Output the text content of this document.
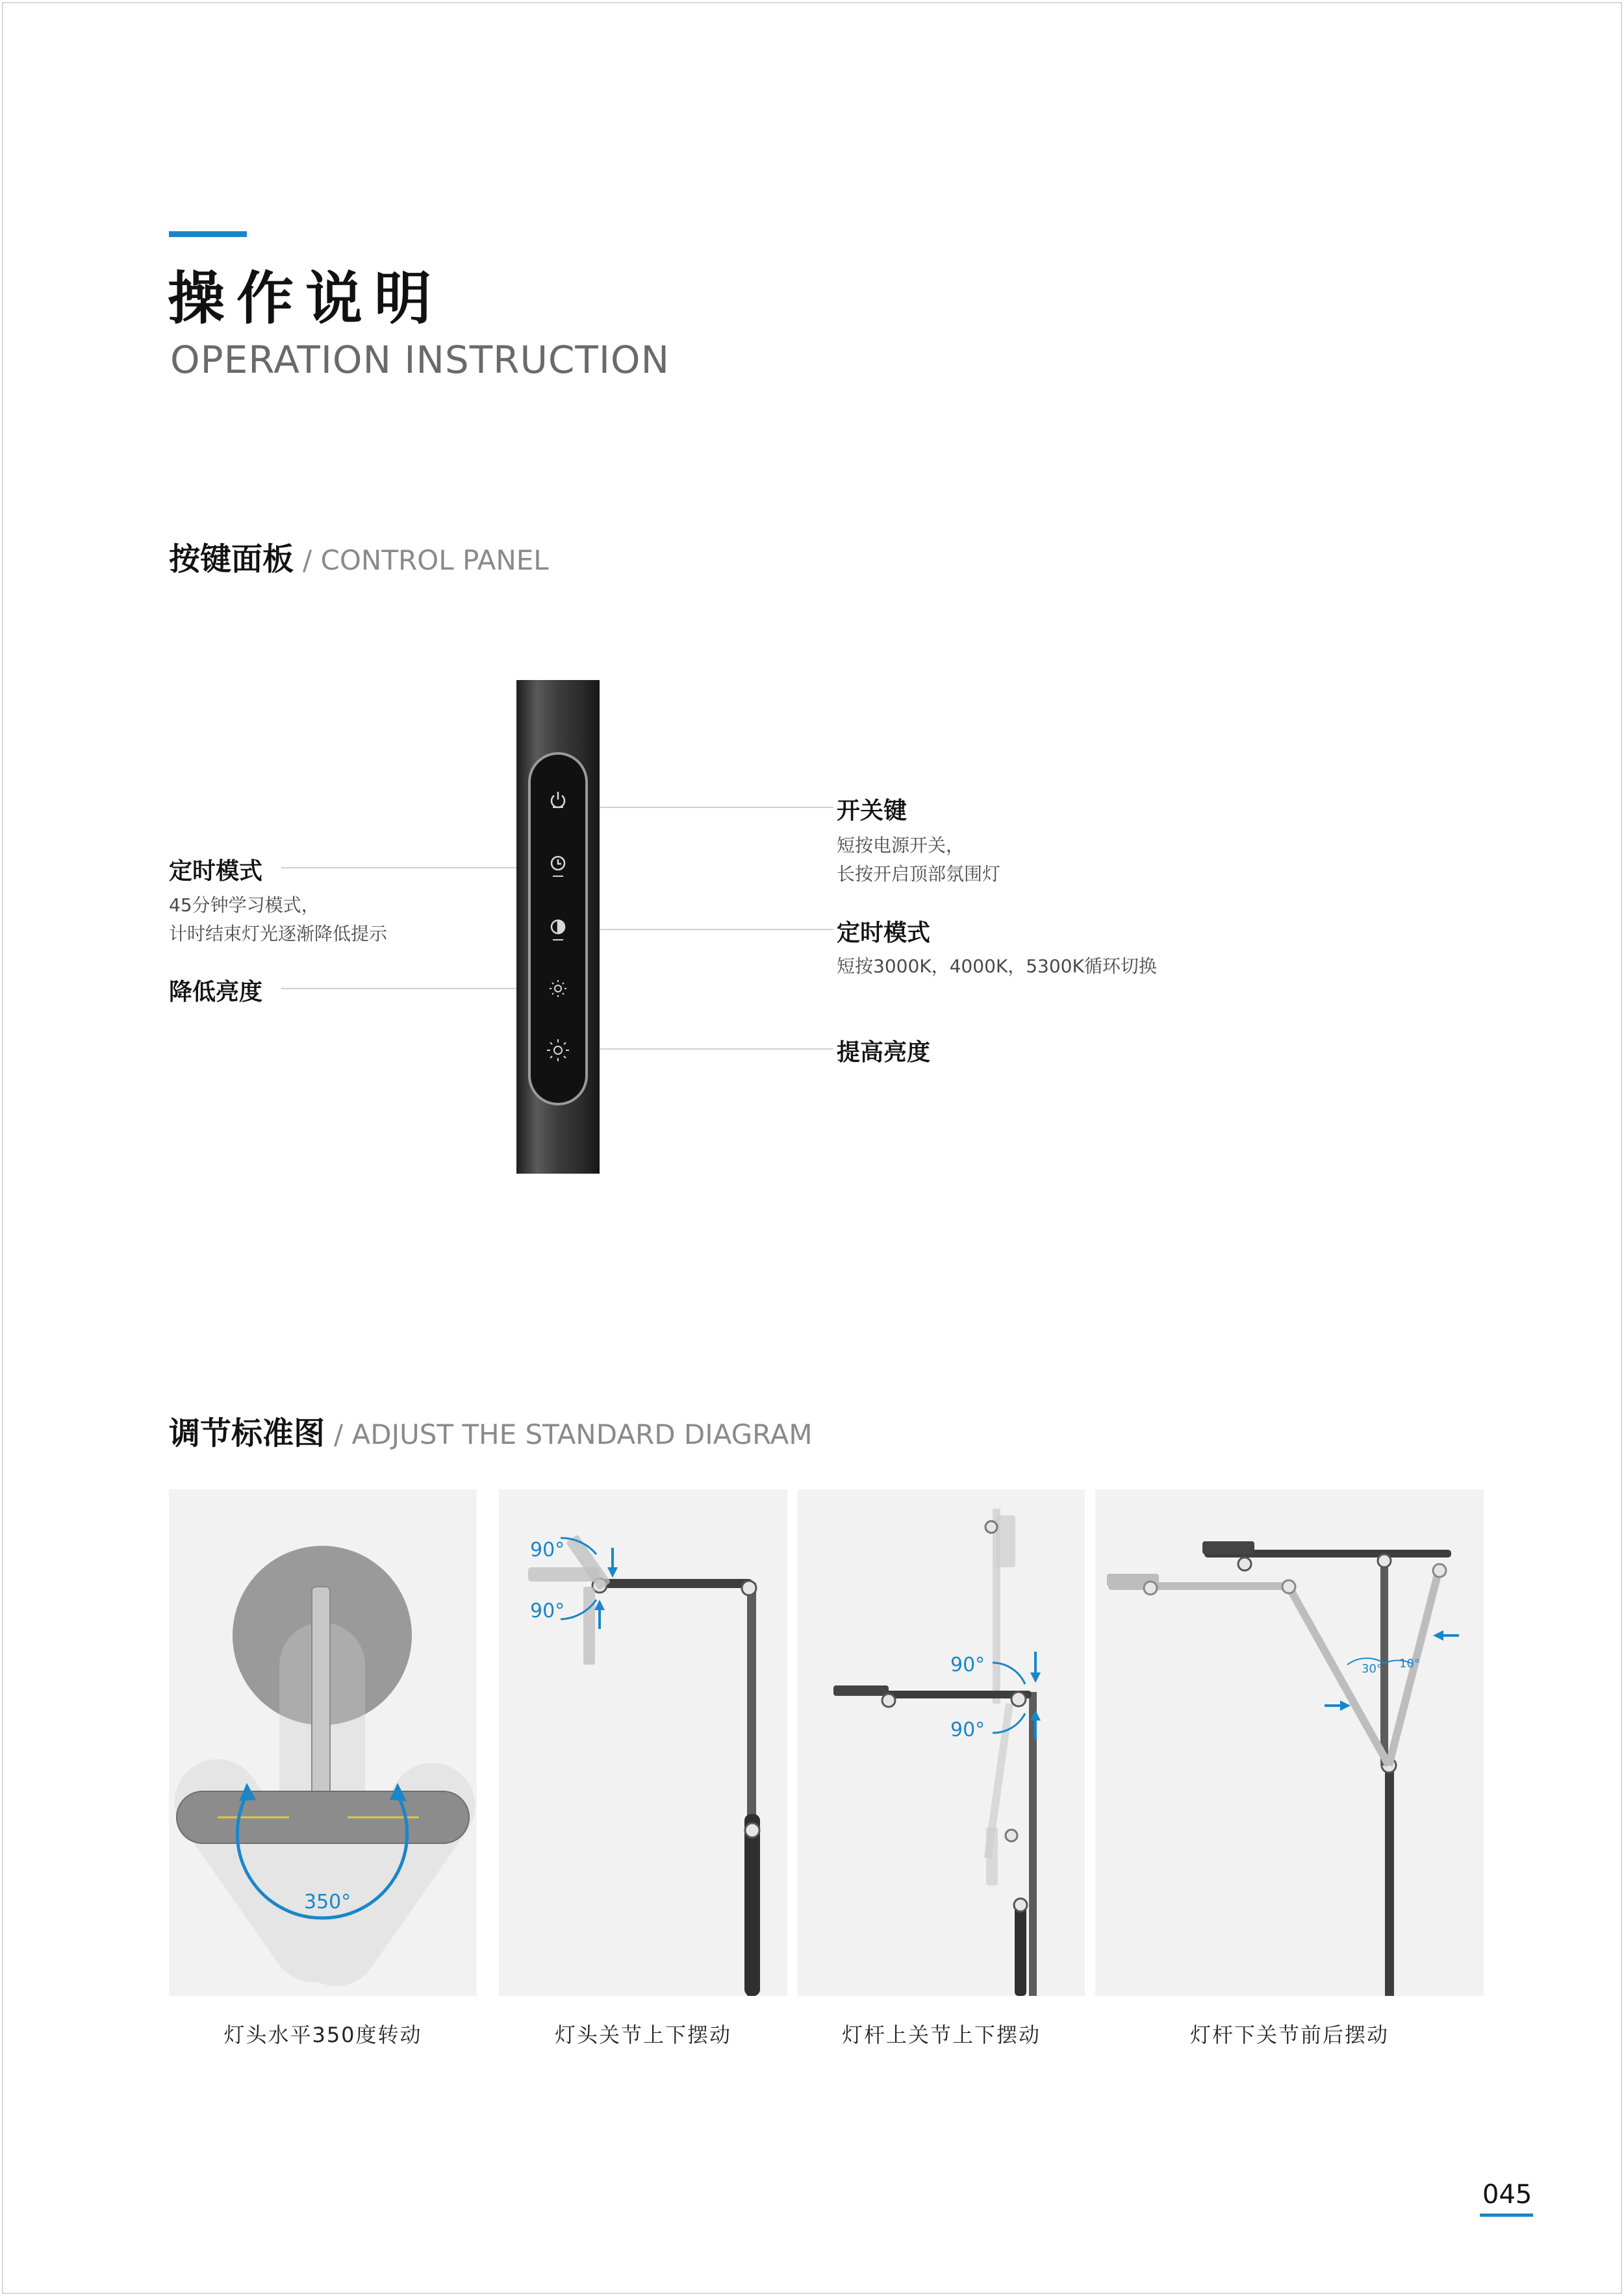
操作说明
OPERATION INSTRUCTION
按键面板 / CONTROL PANEL
定时模式
45分钟学习模式，
计时结束灯光逐渐降低提示
降低亮度
开关键
短按电源开关，
长按开启顶部氛围灯
定时模式
短按3000K，4000K，5300K循环切换
提高亮度
调节标准图 / ADJUST THE STANDARD DIAGRAM
350°
灯头水平350度转动
90°
90°
灯头关节上下摆动
90°
90°
灯杆上关节上下摆动
30° 10°
灯杆下关节前后摆动
045
